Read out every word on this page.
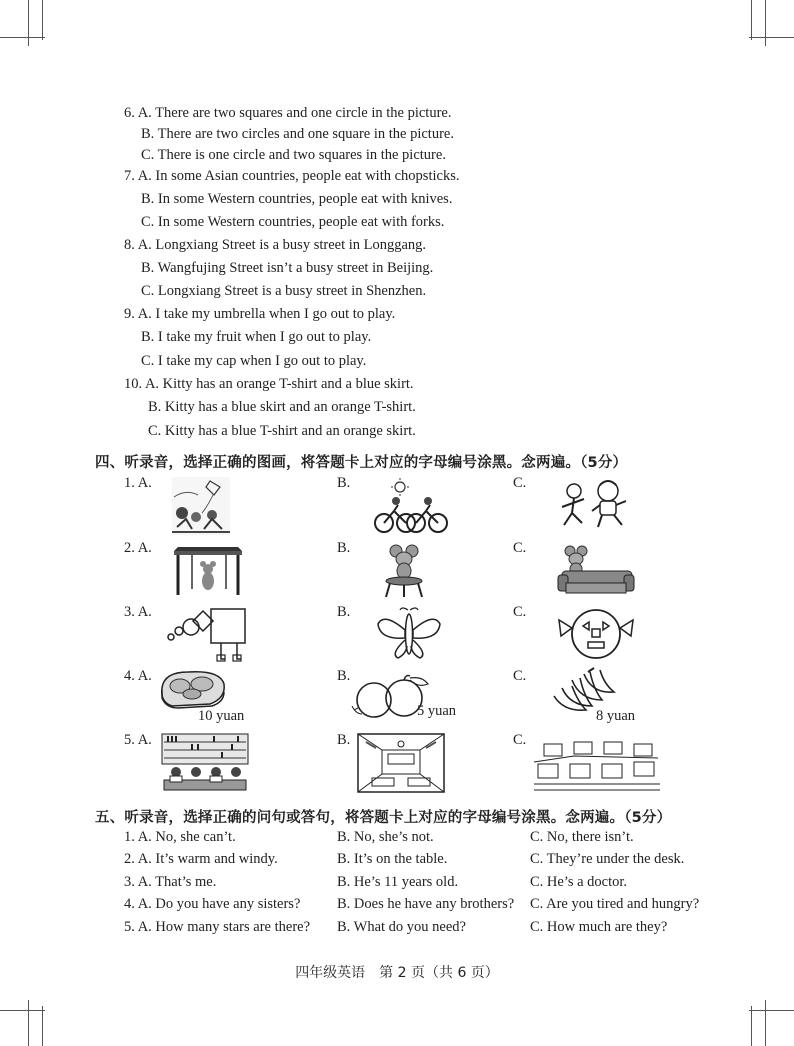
6. A. There are two squares and one circle in the picture.
B. There are two circles and one square in the picture.
C. There is one circle and two squares in the picture.
7. A. In some Asian countries, people eat with chopsticks.
B. In some Western countries, people eat with knives.
C. In some Western countries, people eat with forks.
8. A. Longxiang Street is a busy street in Longgang.
B. Wangfujing Street isn’t a busy street in Beijing.
C. Longxiang Street is a busy street in Shenzhen.
9. A. I take my umbrella when I go out to play.
B. I take my fruit when I go out to play.
C. I take my cap when I go out to play.
10. A. Kitty has an orange T-shirt and a blue skirt.
B. Kitty has a blue skirt and an orange T-shirt.
C. Kitty has a blue T-shirt and an orange skirt.
四、听录音，选择正确的图画，将答题卡上对应的字母编号涂黑。念两遍。（5分）
1. A.	B.	C.
2. A.	B.	C.
3. A.	B.	C.
4. A.	B.	C.
10 yuan	5 yuan	8 yuan
5. A.	B.	C.
五、听录音，选择正确的问句或答句，将答题卡上对应的字母编号涂黑。念两遍。（5分）
1. A. No, she can’t.	B. No, she’s not.	C. No, there isn’t.
2. A. It’s warm and windy.	B. It’s on the table.	C. They’re under the desk.
3. A. That’s me.	B. He’s 11 years old.	C. He’s a doctor.
4. A. Do you have any sisters?	B. Does he have any brothers? C. Are you tired and hungry?
5. A. How many stars are there? B. What do you need?	C. How much are they?
四年级英语　第 2 页（共 6 页）
